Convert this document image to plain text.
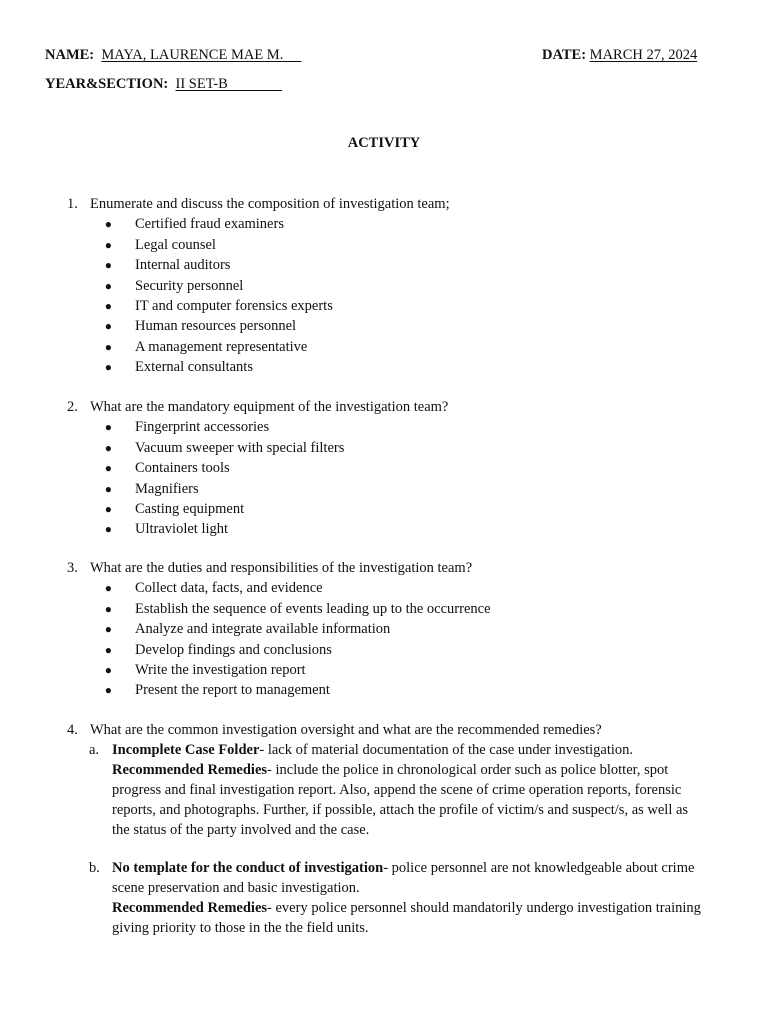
NAME: MAYA, LAURENCE MAE M.	DATE: MARCH 27, 2024
YEAR&SECTION: II SET-B
ACTIVITY
1. Enumerate and discuss the composition of investigation team;
●	Certified fraud examiners
●	Legal counsel
●	Internal auditors
●	Security personnel
●	IT and computer forensics experts
●	Human resources personnel
●	A management representative
●	External consultants
2. What are the mandatory equipment of the investigation team?
●	Fingerprint accessories
●	Vacuum sweeper with special filters
●	Containers tools
●	Magnifiers
●	Casting equipment
●	Ultraviolet light
3. What are the duties and responsibilities of the investigation team?
●	Collect data, facts, and evidence
●	Establish the sequence of events leading up to the occurrence
●	Analyze and integrate available information
●	Develop findings and conclusions
●	Write the investigation report
●	Present the report to management
4. What are the common investigation oversight and what are the recommended remedies?
a. Incomplete Case Folder- lack of material documentation of the case under investigation.

Recommended Remedies- include the police in chronological order such as police blotter, spot progress and final investigation report. Also, append the scene of crime operation reports, forensic reports, and photographs. Further, if possible, attach the profile of victim/s and suspect/s, as well as the status of the party involved and the case.

b. No template for the conduct of investigation- police personnel are not knowledgeable about crime scene preservation and basic investigation.

Recommended Remedies- every police personnel should mandatorily undergo investigation training giving priority to those in the the field units.
